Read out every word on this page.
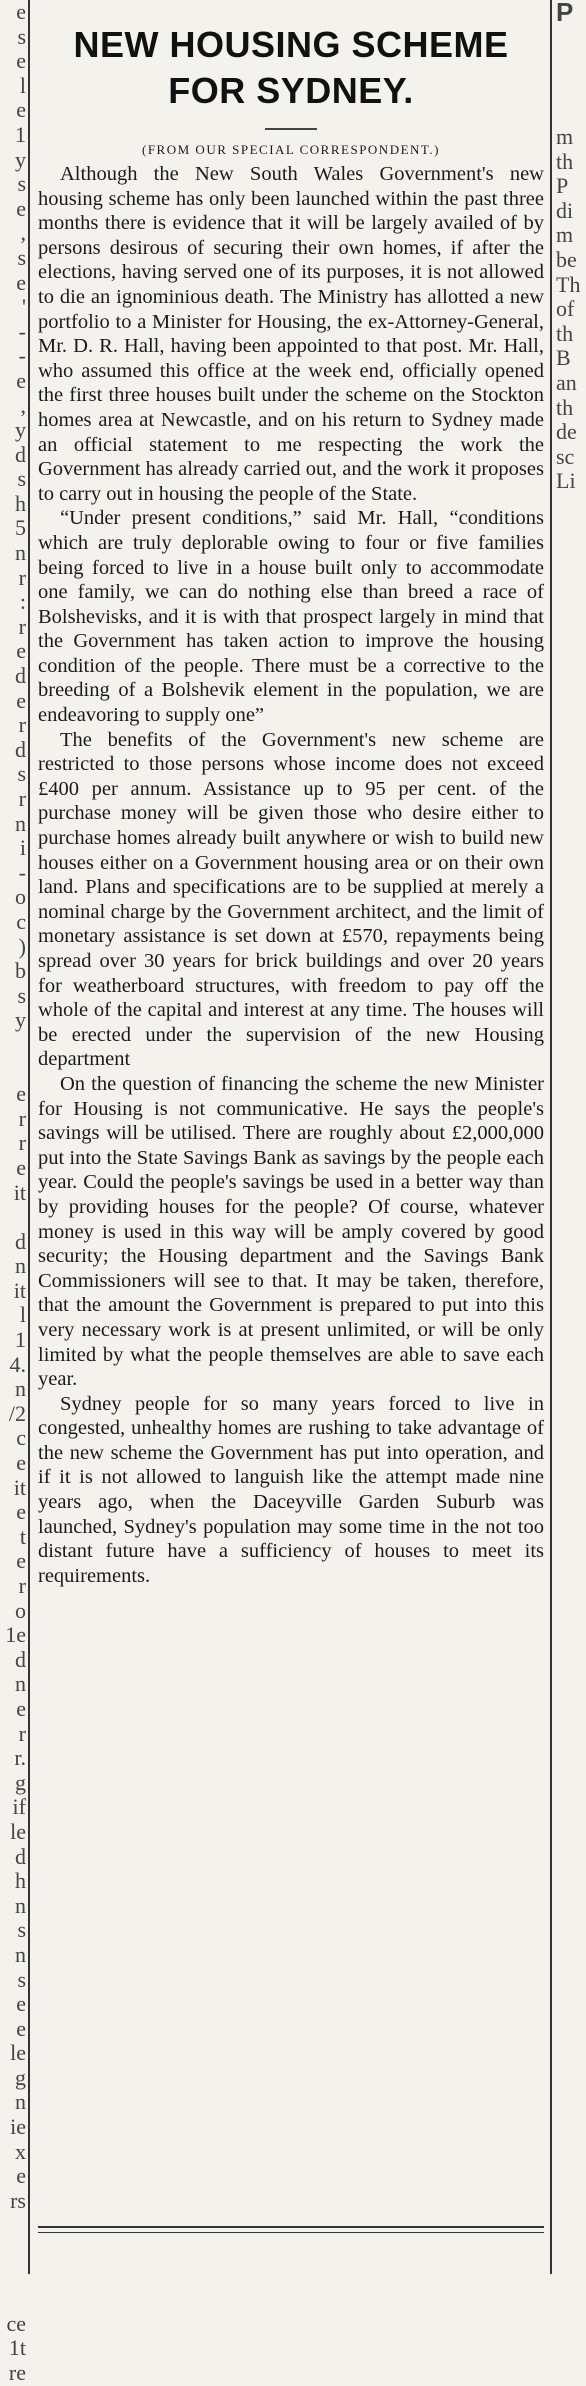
e
s
e
l
e
1
y
s
e
,
s
e
'
-
-
e
,
y
d
s
h
5
n
r
:
r
e
d
e
r
d
s
r
n
i
-
o
c
)
b
s
y

e
r
r
e
it

d
n
it
l
1
4.
n
/2
c
e
it
e
t
e
r
o
1e
d
n
e
r
r.
g
if
le
d
h
n
s
n
s
e
e
le
g
n
ie
x
e
rs

ce
1t
re
NEW HOUSING SCHEME FOR SYDNEY.
(FROM OUR SPECIAL CORRESPONDENT.)

Although the New South Wales Government's new housing scheme has only been launched within the past three months there is evidence that it will be largely availed of by persons desirous of securing their own homes, if after the elections, having served one of its purposes, it is not allowed to die an ignominious death. The Ministry has allotted a new portfolio to a Minister for Housing, the ex-Attorney-General, Mr. D. R. Hall, having been appointed to that post. Mr. Hall, who assumed this office at the week end, officially opened the first three houses built under the scheme on the Stockton homes area at Newcastle, and on his return to Sydney made an official statement to me respecting the work the Government has already carried out, and the work it proposes to carry out in housing the people of the State.

“Under present conditions,” said Mr. Hall, “conditions which are truly deplorable owing to four or five families being forced to live in a house built only to accommodate one family, we can do nothing else than breed a race of Bolshevisks, and it is with that prospect largely in mind that the Government has taken action to improve the housing condition of the people. There must be a corrective to the breeding of a Bolshevik element in the population, we are endeavoring to supply one”

The benefits of the Government's new scheme are restricted to those persons whose income does not exceed £400 per annum. Assistance up to 95 per cent. of the purchase money will be given those who desire either to purchase homes already built anywhere or wish to build new houses either on a Government housing area or on their own land. Plans and specifications are to be supplied at merely a nominal charge by the Government architect, and the limit of monetary assistance is set down at £570, repayments being spread over 30 years for brick buildings and over 20 years for weatherboard structures, with freedom to pay off the whole of the capital and interest at any time. The houses will be erected under the supervision of the new Housing department

On the question of financing the scheme the new Minister for Housing is not communicative. He says the people's savings will be utilised. There are roughly about £2,000,000 put into the State Savings Bank as savings by the people each year. Could the people's savings be used in a better way than by providing houses for the people? Of course, whatever money is used in this way will be amply covered by good security; the Housing department and the Savings Bank Commissioners will see to that. It may be taken, therefore, that the amount the Government is prepared to put into this very necessary work is at present unlimited, or will be only limited by what the people themselves are able to save each year.

Sydney people for so many years forced to live in congested, unhealthy homes are rushing to take advantage of the new scheme the Government has put into operation, and if it is not allowed to languish like the attempt made nine years ago, when the Daceyville Garden Suburb was launched, Sydney's population may some time in the not too distant future have a sufficiency of houses to meet its requirements.

P

m
th
P
di
m
be
Th
of
th
B
an
th
de
sc
Li
